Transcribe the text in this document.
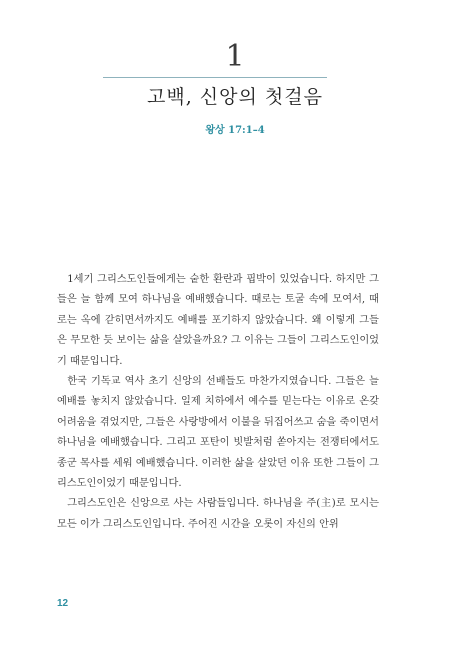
1
고백, 신앙의 첫걸음
왕상 17:1–4

1세기 그리스도인들에게는 숱한 환란과 핍박이 있었습니다. 하지만 그들은 늘 함께 모여 하나님을 예배했습니다. 때로는 토굴 속에 모여서, 때로는 옥에 갇히면서까지도 예배를 포기하지 않았습니다. 왜 이렇게 그들은 무모한 듯 보이는 삶을 살았을까요? 그 이유는 그들이 그리스도인이었기 때문입니다.

한국 기독교 역사 초기 신앙의 선배들도 마찬가지였습니다. 그들은 늘 예배를 놓치지 않았습니다. 일제 치하에서 예수를 믿는다는 이유로 온갖 어려움을 겪었지만, 그들은 사랑방에서 이불을 뒤집어쓰고 숨을 죽이면서 하나님을 예배했습니다. 그리고 포탄이 빗발처럼 쏟아지는 전쟁터에서도 종군 목사를 세워 예배했습니다. 이러한 삶을 살았던 이유 또한 그들이 그리스도인이었기 때문입니다.

그리스도인은 신앙으로 사는 사람들입니다. 하나님을 주(主)로 모시는 모든 이가 그리스도인입니다. 주어진 시간을 오롯이 자신의 안위

12
